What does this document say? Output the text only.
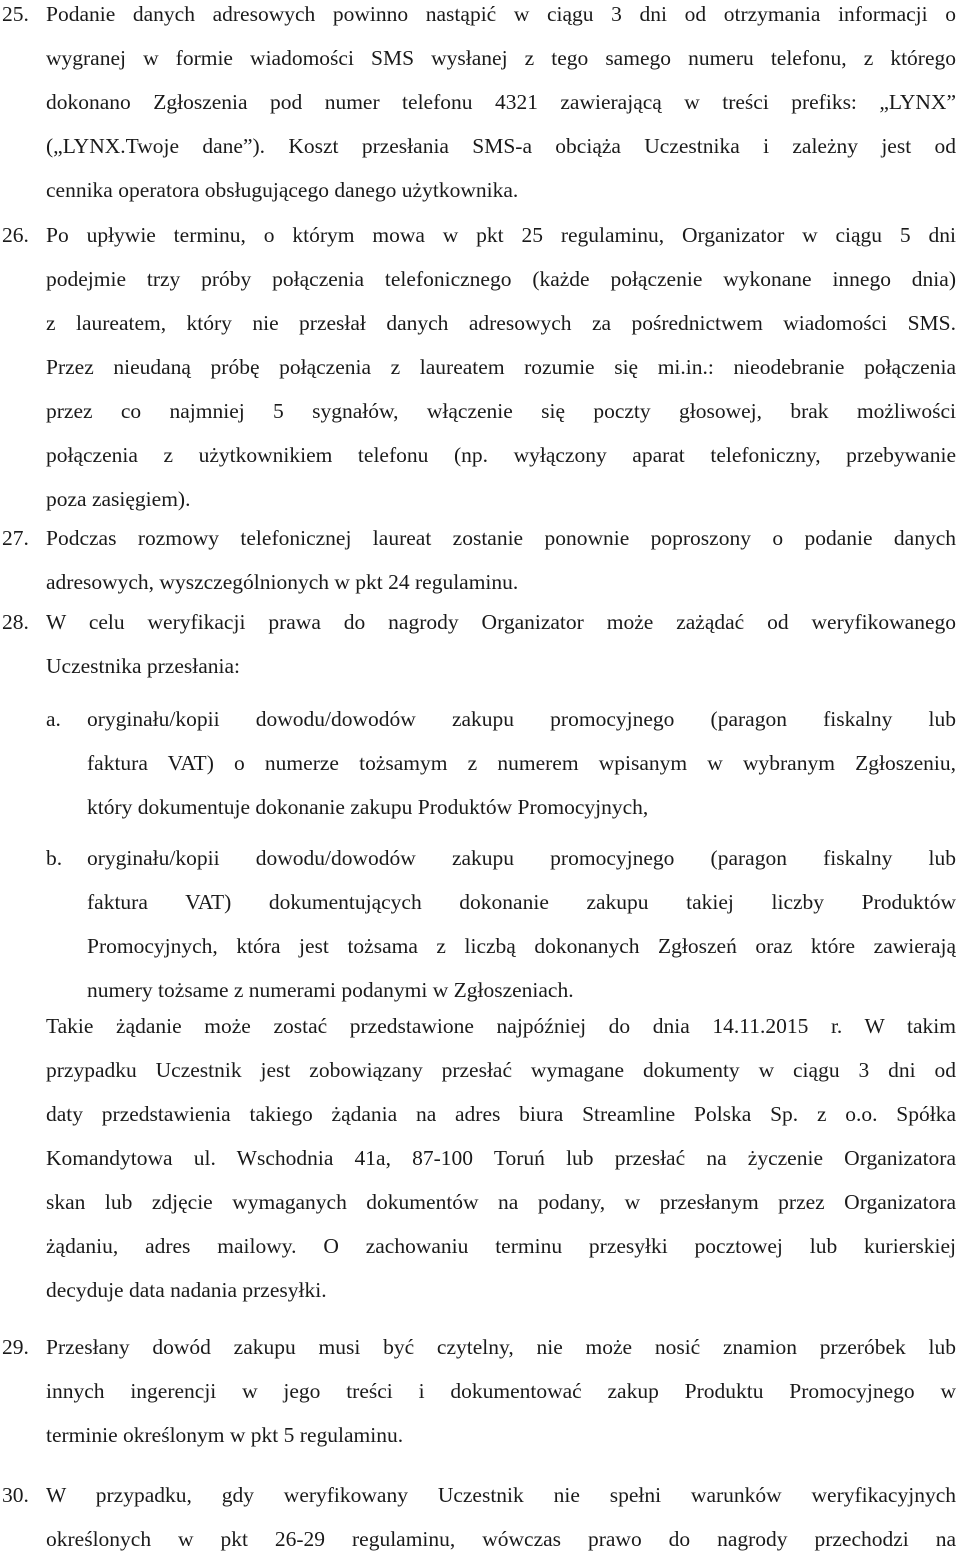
25. Podanie danych adresowych powinno nastąpić w ciągu 3 dni od otrzymania informacji o
wygranej w formie wiadomości SMS wysłanej z tego samego numeru telefonu, z którego
dokonano Zgłoszenia pod numer telefonu 4321 zawierającą w treści prefiks: „LYNX”
(„LYNX.Twoje dane”). Koszt przesłania SMS-a obciąża Uczestnika i zależny jest od
cennika operatora obsługującego danego użytkownika.
26. Po upływie terminu, o którym mowa w pkt 25 regulaminu, Organizator w ciągu 5 dni
podejmie trzy próby połączenia telefonicznego (każde połączenie wykonane innego dnia)
z laureatem, który nie przesłał danych adresowych za pośrednictwem wiadomości SMS.
Przez nieudaną próbę połączenia z laureatem rozumie się mi.in.: nieodebranie połączenia
przez co najmniej 5 sygnałów, włączenie się poczty głosowej, brak możliwości
połączenia z użytkownikiem telefonu (np. wyłączony aparat telefoniczny, przebywanie
poza zasięgiem).
27. Podczas rozmowy telefonicznej laureat zostanie ponownie poproszony o podanie danych
adresowych, wyszczególnionych w pkt 24 regulaminu.
28. W celu weryfikacji prawa do nagrody Organizator może zażądać od weryfikowanego
Uczestnika przesłania:
a. oryginału/kopii dowodu/dowodów zakupu promocyjnego (paragon fiskalny lub
faktura VAT) o numerze tożsamym z numerem wpisanym w wybranym Zgłoszeniu,
który dokumentuje dokonanie zakupu Produktów Promocyjnych,
b. oryginału/kopii dowodu/dowodów zakupu promocyjnego (paragon fiskalny lub
faktura VAT) dokumentujących dokonanie zakupu takiej liczby Produktów
Promocyjnych, która jest tożsama z liczbą dokonanych Zgłoszeń oraz które zawierają
numery tożsame z numerami podanymi w Zgłoszeniach.
Takie żądanie może zostać przedstawione najpóźniej do dnia 14.11.2015 r. W takim
przypadku Uczestnik jest zobowiązany przesłać wymagane dokumenty w ciągu 3 dni od
daty przedstawienia takiego żądania na adres biura Streamline Polska Sp. z o.o. Spółka
Komandytowa ul. Wschodnia 41a, 87-100 Toruń lub przesłać na życzenie Organizatora
skan lub zdjęcie wymaganych dokumentów na podany, w przesłanym przez Organizatora
żądaniu, adres mailowy. O zachowaniu terminu przesyłki pocztowej lub kurierskiej
decyduje data nadania przesyłki.
29. Przesłany dowód zakupu musi być czytelny, nie może nosić znamion przeróbek lub
innych ingerencji w jego treści i dokumentować zakup Produktu Promocyjnego w
terminie określonym w pkt 5 regulaminu.
30. W przypadku, gdy weryfikowany Uczestnik nie spełni warunków weryfikacyjnych
określonych w pkt 26-29 regulaminu, wówczas prawo do nagrody przechodzi na
